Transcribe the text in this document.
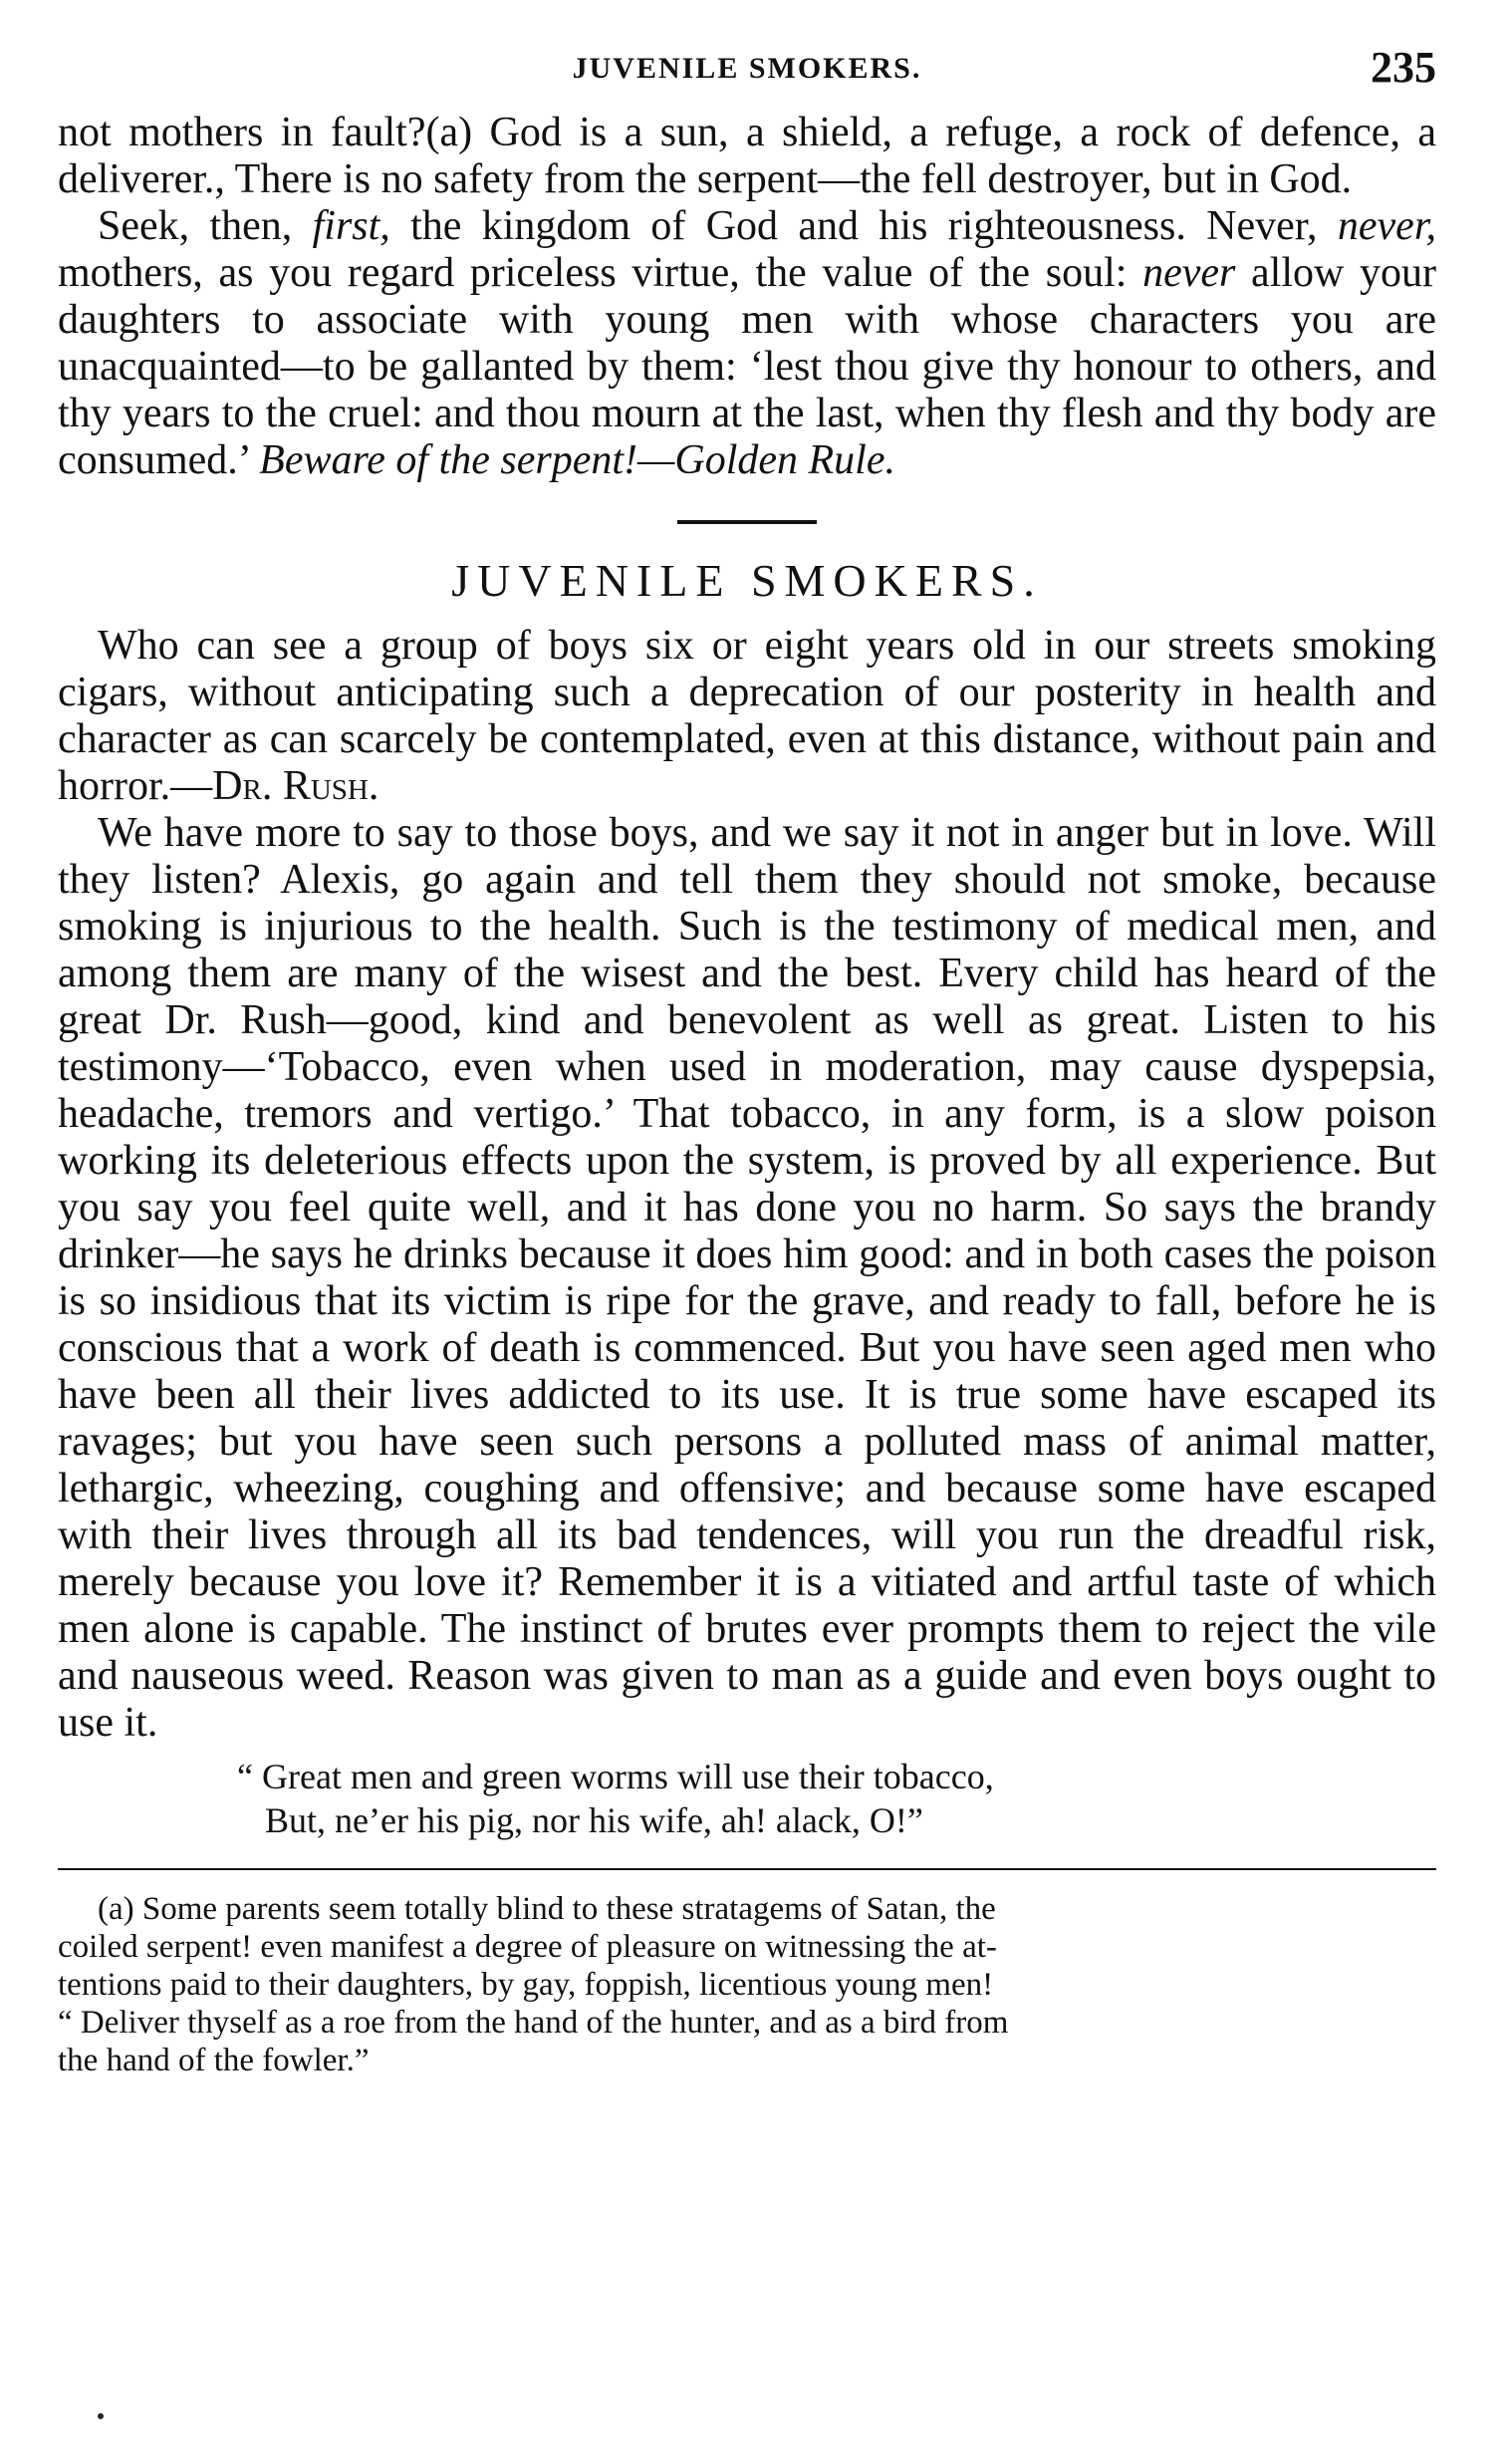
JUVENILE SMOKERS.	235

not mothers in fault?(a) God is a sun, a shield, a refuge, a rock of defence, a deliverer., There is no safety from the serpent—the fell destroyer, but in God.

Seek, then, first, the kingdom of God and his righteousness. Never, never, mothers, as you regard priceless virtue, the value of the soul: never allow your daughters to associate with young men with whose characters you are unacquainted—to be gallanted by them: ‘lest thou give thy honour to others, and thy years to the cruel: and thou mourn at the last, when thy flesh and thy body are consumed.’ Beware of the serpent!—Golden Rule.

JUVENILE SMOKERS.

Who can see a group of boys six or eight years old in our streets smoking cigars, without anticipating such a deprecation of our posterity in health and character as can scarcely be contemplated, even at this distance, without pain and horror.—Dr. Rush.

We have more to say to those boys, and we say it not in anger but in love. Will they listen? Alexis, go again and tell them they should not smoke, because smoking is injurious to the health. Such is the testimony of medical men, and among them are many of the wisest and the best. Every child has heard of the great Dr. Rush—good, kind and benevolent as well as great. Listen to his testimony—‘Tobacco, even when used in moderation, may cause dyspepsia, headache, tremors and vertigo.’ That tobacco, in any form, is a slow poison working its deleterious effects upon the system, is proved by all experience. But you say you feel quite well, and it has done you no harm. So says the brandy drinker—he says he drinks because it does him good: and in both cases the poison is so insidious that its victim is ripe for the grave, and ready to fall, before he is conscious that a work of death is commenced. But you have seen aged men who have been all their lives addicted to its use. It is true some have escaped its ravages; but you have seen such persons a polluted mass of animal matter, lethargic, wheezing, coughing and offensive; and because some have escaped with their lives through all its bad tendences, will you run the dreadful risk, merely because you love it? Remember it is a vitiated and artful taste of which men alone is capable. The instinct of brutes ever prompts them to reject the vile and nauseous weed. Reason was given to man as a guide and even boys ought to use it.

“ Great men and green worms will use their tobacco,
But, ne’er his pig, nor his wife, ah! alack, O!”
(a) Some parents seem totally blind to these stratagems of Satan, the
coiled serpent! even manifest a degree of pleasure on witnessing the at-
tentions paid to their daughters, by gay, foppish, licentious young men!
“ Deliver thyself as a roe from the hand of the hunter, and as a bird from
the hand of the fowler.”
